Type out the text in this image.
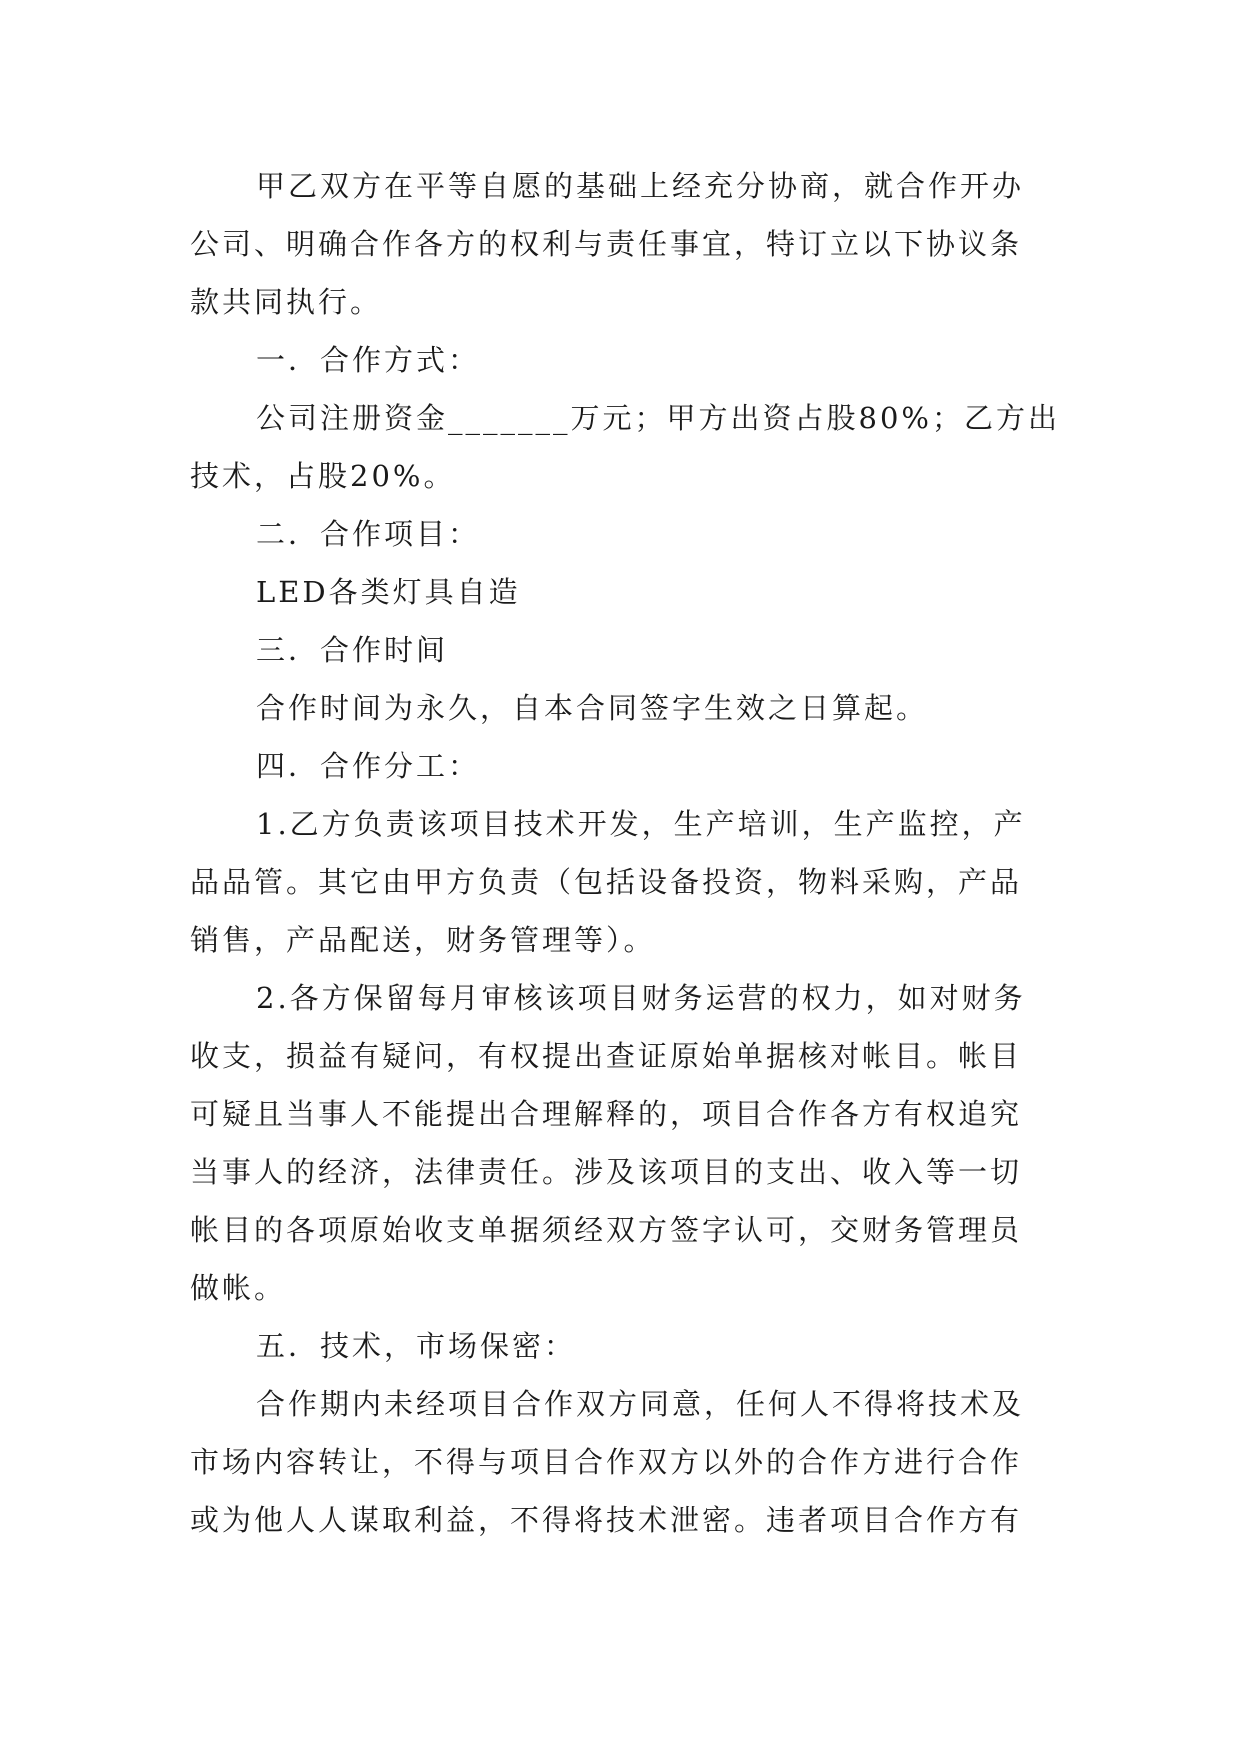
甲乙双方在平等自愿的基础上经充分协商，就合作开办
公司、明确合作各方的权利与责任事宜，特订立以下协议条
款共同执行。
一．合作方式：
公司注册资金_______万元；甲方出资占股80%；乙方出
技术，占股20%。
二．合作项目：
LED各类灯具自造
三．合作时间
合作时间为永久，自本合同签字生效之日算起。
四．合作分工：
1.乙方负责该项目技术开发，生产培训，生产监控，产
品品管。其它由甲方负责（包括设备投资，物料采购，产品
销售，产品配送，财务管理等）。
2.各方保留每月审核该项目财务运营的权力，如对财务
收支，损益有疑问，有权提出查证原始单据核对帐目。帐目
可疑且当事人不能提出合理解释的，项目合作各方有权追究
当事人的经济，法律责任。涉及该项目的支出、收入等一切
帐目的各项原始收支单据须经双方签字认可，交财务管理员
做帐。
五．技术，市场保密：
合作期内未经项目合作双方同意，任何人不得将技术及
市场内容转让，不得与项目合作双方以外的合作方进行合作
或为他人人谋取利益，不得将技术泄密。违者项目合作方有
